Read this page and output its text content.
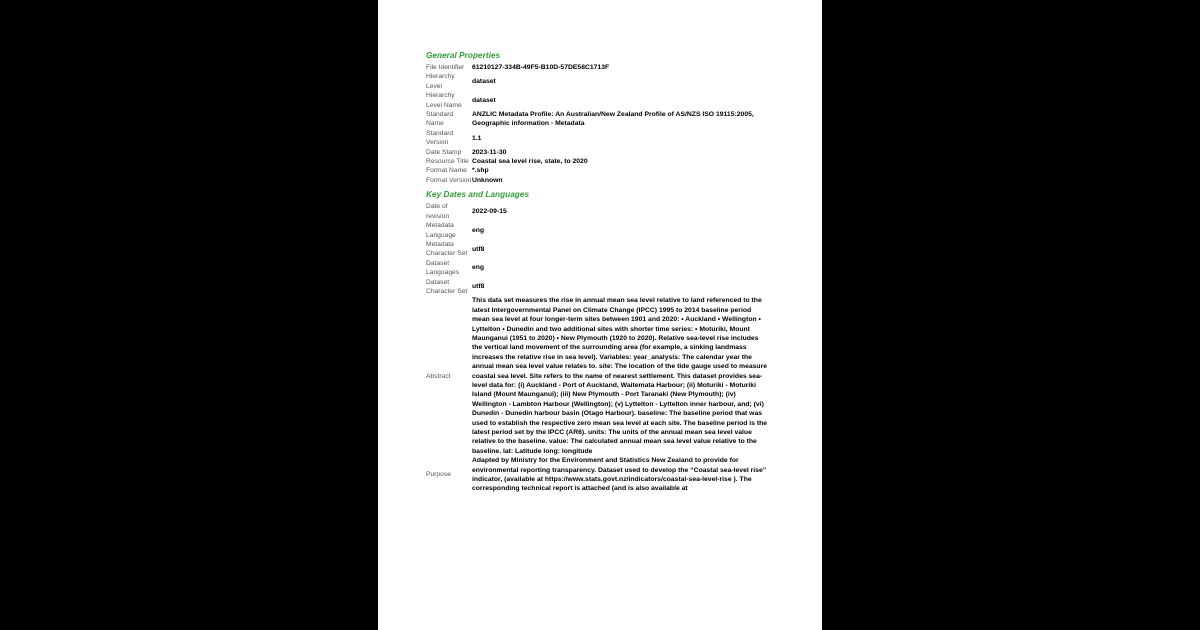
General Properties
File Identifier	61210127-334B-49F5-B10D-57DE58C1713F
Hierarchy Level	dataset
Hierarchy Level Name	dataset
Standard Name	ANZLIC Metadata Profile: An Australian/New Zealand Profile of AS/NZS ISO 19115:2005, Geographic information - Metadata
Standard Version	1.1
Date Stamp	2023-11-30
Resource Title	Coastal sea level rise, state, to 2020
Format Name	*.shp
Format Version	Unknown
Key Dates and Languages
Date of revision	2022-09-15
Metadata Language	eng
Metadata Character Set	utf8
Dataset Languages	eng
Dataset Character Set	utf8
Abstract	This data set measures the rise in annual mean sea level relative to land referenced to the latest Intergovernmental Panel on Climate Change (IPCC) 1995 to 2014 baseline period mean sea level at four longer-term sites between 1901 and 2020: • Auckland • Wellington • Lyttelton • Dunedin and two additional sites with shorter time series: • Moturiki, Mount Maunganui (1951 to 2020) • New Plymouth (1920 to 2020). Relative sea-level rise includes the vertical land movement of the surrounding area (for example, a sinking landmass increases the relative rise in sea level). Variables: year_analysis: The calendar year the annual mean sea level value relates to. site: The location of the tide gauge used to measure coastal sea level. Site refers to the name of nearest settlement. This dataset provides sea-level data for: (i) Auckland - Port of Auckland, Waitemata Harbour; (ii) Moturiki - Moturiki Island (Mount Maunganui); (iii) New Plymouth - Port Taranaki (New Plymouth); (iv) Wellington - Lambton Harbour (Wellington); (v) Lyttelton - Lyttelton inner harbour, and; (vi) Dunedin - Dunedin harbour basin (Otago Harbour). baseline: The baseline period that was used to establish the respective zero mean sea level at each site. The baseline period is the latest period set by the IPCC (AR6). units: The units of the annual mean sea level value relative to the baseline. value: The calculated annual mean sea level value relative to the baseline. lat: Latitude long: longitude

Purpose	Adapted by Ministry for the Environment and Statistics New Zealand to provide for environmental reporting transparency. Dataset used to develop the “Coastal sea-level rise” indicator, (available at https://www.stats.govt.nz/indicators/coastal-sea-level-rise ). The corresponding technical report is attached (and is also available at
